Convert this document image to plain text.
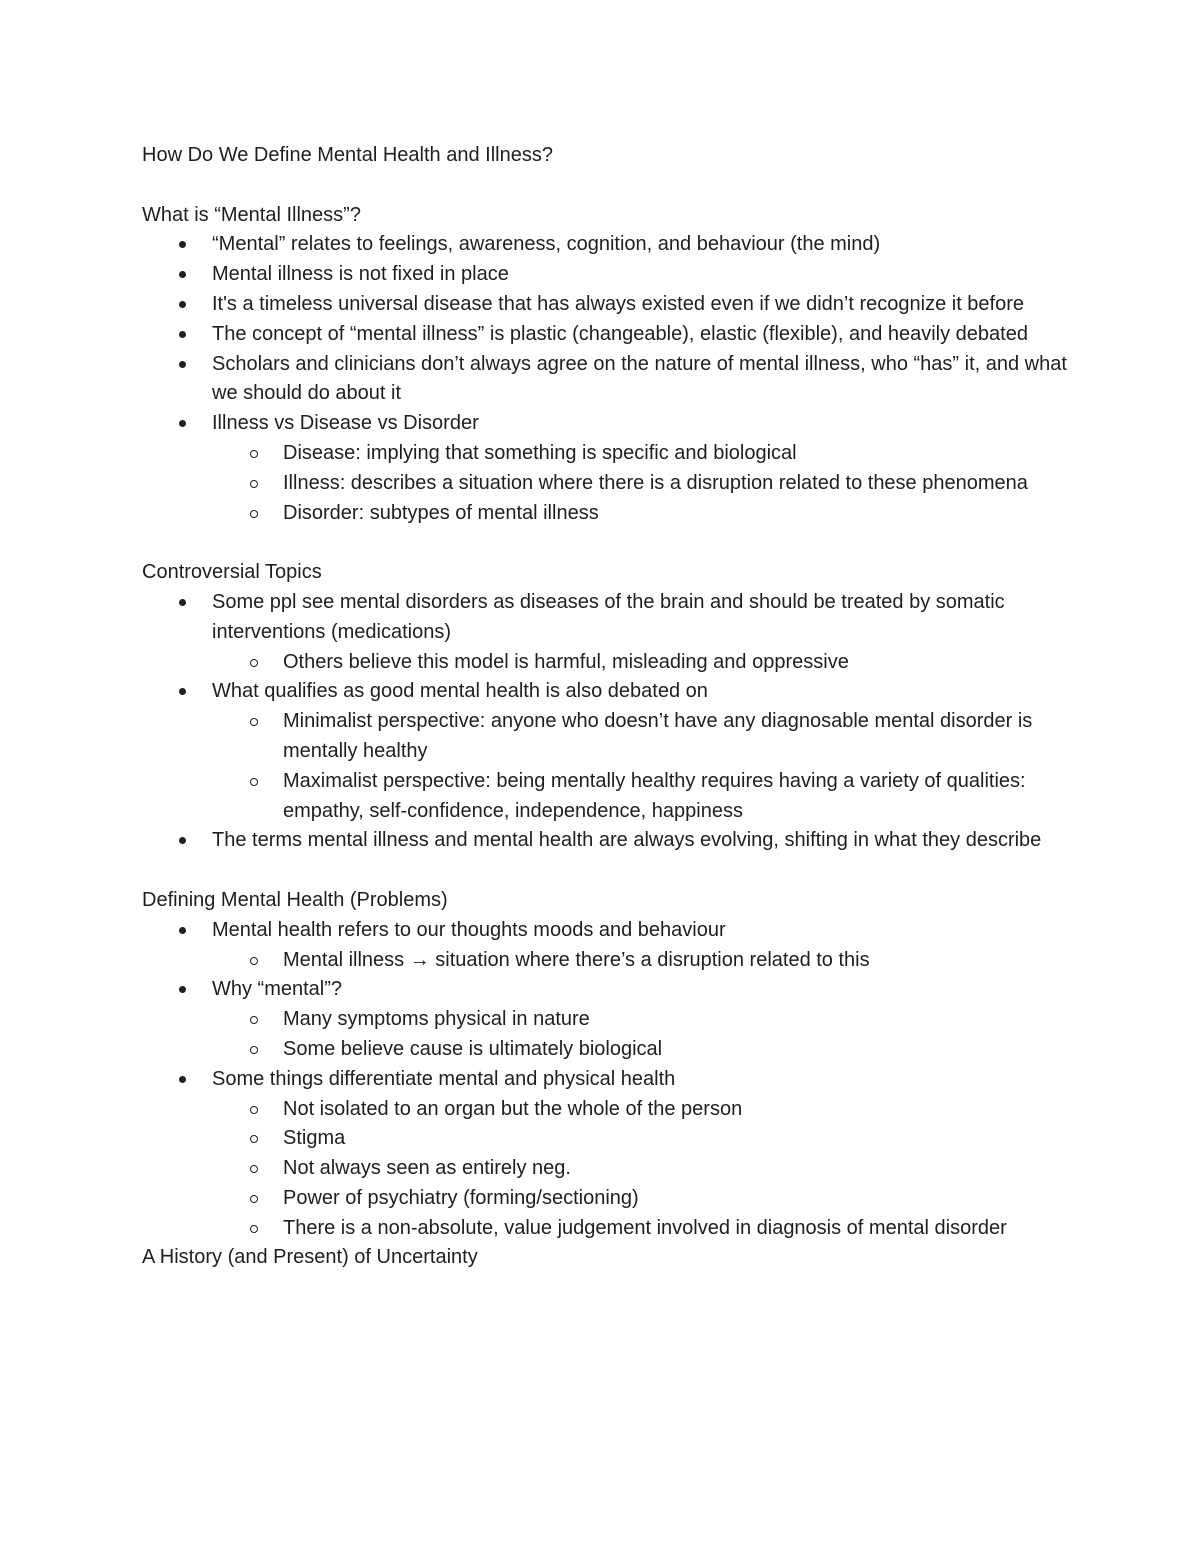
How Do We Define Mental Health and Illness?
What is “Mental Illness”?
“Mental” relates to feelings, awareness, cognition, and behaviour (the mind)
Mental illness is not fixed in place
It's a timeless universal disease that has always existed even if we didn’t recognize it before
The concept of “mental illness” is plastic (changeable), elastic (flexible), and heavily debated
Scholars and clinicians don’t always agree on the nature of mental illness, who “has” it, and what we should do about it
Illness vs Disease vs Disorder
Disease: implying that something is specific and biological
Illness: describes a situation where there is a disruption related to these phenomena
Disorder: subtypes of mental illness
Controversial Topics
Some ppl see mental disorders as diseases of the brain and should be treated by somatic interventions (medications)
Others believe this model is harmful, misleading and oppressive
What qualifies as good mental health is also debated on
Minimalist perspective: anyone who doesn’t have any diagnosable mental disorder is mentally healthy
Maximalist perspective: being mentally healthy requires having a variety of qualities: empathy, self-confidence, independence, happiness
The terms mental illness and mental health are always evolving, shifting in what they describe
Defining Mental Health (Problems)
Mental health refers to our thoughts moods and behaviour
Mental illness → situation where there’s a disruption related to this
Why “mental”?
Many symptoms physical in nature
Some believe cause is ultimately biological
Some things differentiate mental and physical health
Not isolated to an organ but the whole of the person
Stigma
Not always seen as entirely neg.
Power of psychiatry (forming/sectioning)
There is a non-absolute, value judgement involved in diagnosis of mental disorder
A History (and Present) of Uncertainty
